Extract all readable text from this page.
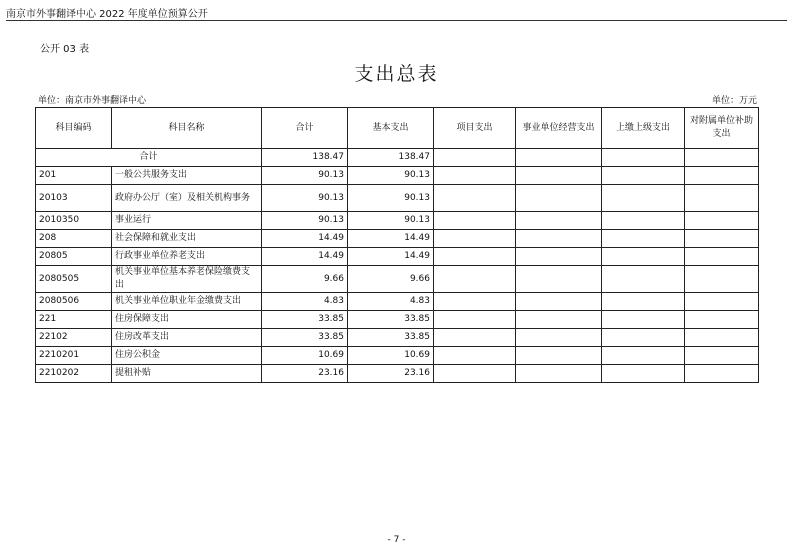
南京市外事翻译中心 2022 年度单位预算公开
公开 03 表
支出总表
单位：南京市外事翻译中心	单位：万元
科目编码	科目名称	合计	基本支出	项目支出	事业单位经营支出	上缴上级支出	对附属单位补助支出
合计		138.47	138.47				
201	一般公共服务支出	90.13	90.13				
20103	政府办公厅（室）及相关机构事务	90.13	90.13				
2010350	事业运行	90.13	90.13				
208	社会保障和就业支出	14.49	14.49				
20805	行政事业单位养老支出	14.49	14.49				
2080505	机关事业单位基本养老保险缴费支出	9.66	9.66				
2080506	机关事业单位职业年金缴费支出	4.83	4.83				
221	住房保障支出	33.85	33.85				
22102	住房改革支出	33.85	33.85				
2210201	住房公积金	10.69	10.69				
2210202	提租补贴	23.16	23.16				
- 7 -
